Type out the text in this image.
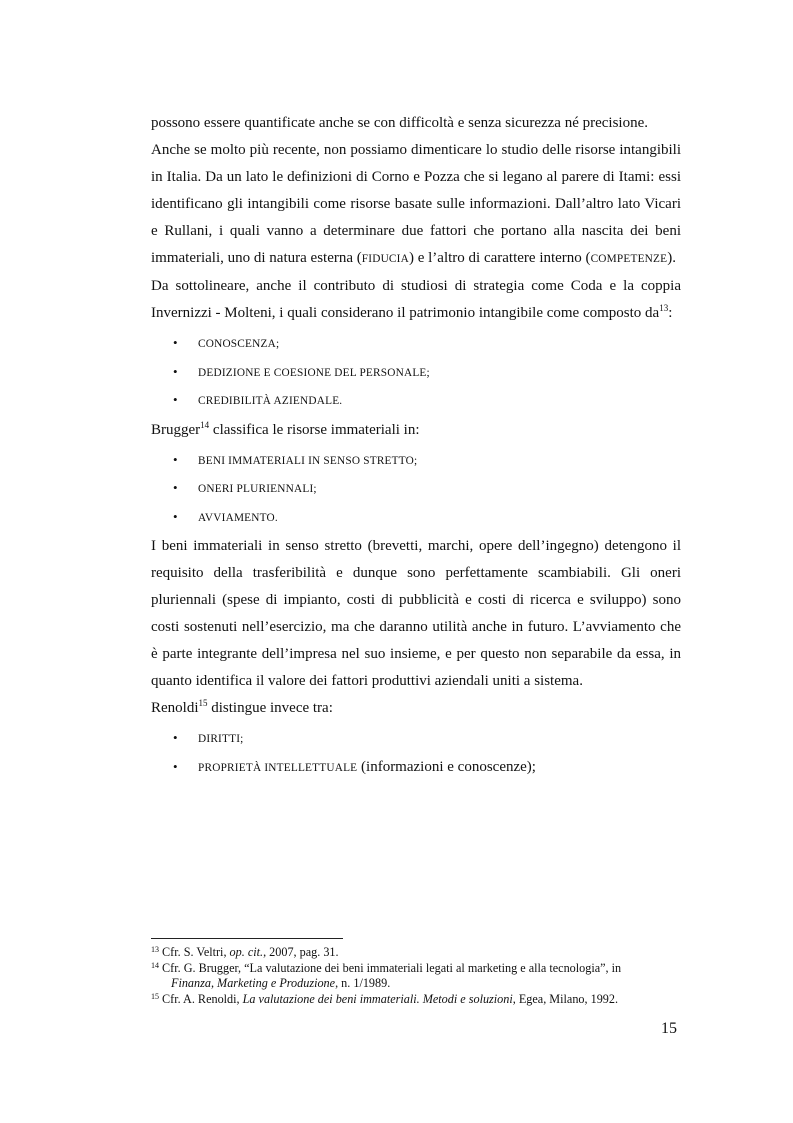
possono essere quantificate anche se con difficoltà e senza sicurezza né precisione.

Anche se molto più recente, non possiamo dimenticare lo studio delle risorse intangibili in Italia. Da un lato le definizioni di Corno e Pozza che si legano al parere di Itami: essi identificano gli intangibili come risorse basate sulle informazioni. Dall’altro lato Vicari e Rullani, i quali vanno a determinare due fattori che portano alla nascita dei beni immateriali, uno di natura esterna (FIDUCIA) e l’altro di carattere interno (COMPETENZE).

Da sottolineare, anche il contributo di studiosi di strategia come Coda e la coppia Invernizzi - Molteni, i quali considerano il patrimonio intangibile come composto $da^{13}$:

• CONOSCENZA;
• DEDIZIONE E COESIONE DEL PERSONALE;
• CREDIBILITÀ AZIENDALE.

Brugger$^{14}$ classifica le risorse immateriali in:

• BENI IMMATERIALI IN SENSO STRETTO;
• ONERI PLURIENNALI;
• AVVIAMENTO.

I beni immateriali in senso stretto (brevetti, marchi, opere dell’ingegno) detengono il requisito della trasferibilità e dunque sono perfettamente scambiabili. Gli oneri pluriennali (spese di impianto, costi di pubblicità e costi di ricerca e sviluppo) sono costi sostenuti nell’esercizio, ma che daranno utilità anche in futuro. L’avviamento che è parte integrante dell’impresa nel suo insieme, e per questo non separabile da essa, in quanto identifica il valore dei fattori produttivi aziendali uniti a sistema.

Renoldi$^{15}$ distingue invece tra:

• DIRITTI;
• PROPRIETÀ INTELLETTUALE (informazioni e conoscenze);

$^{13}$ Cfr. S. Veltri, op. cit., 2007, pag. 31.

$^{14}$ Cfr. G. Brugger, “La valutazione dei beni immateriali legati al marketing e alla tecnologia”, in

Finanza, Marketing e Produzione, n. 1/1989.

$^{15}$ Cfr. A. Renoldi, La valutazione dei beni immateriali. Metodi e soluzioni, Egea, Milano, 1992.

15
